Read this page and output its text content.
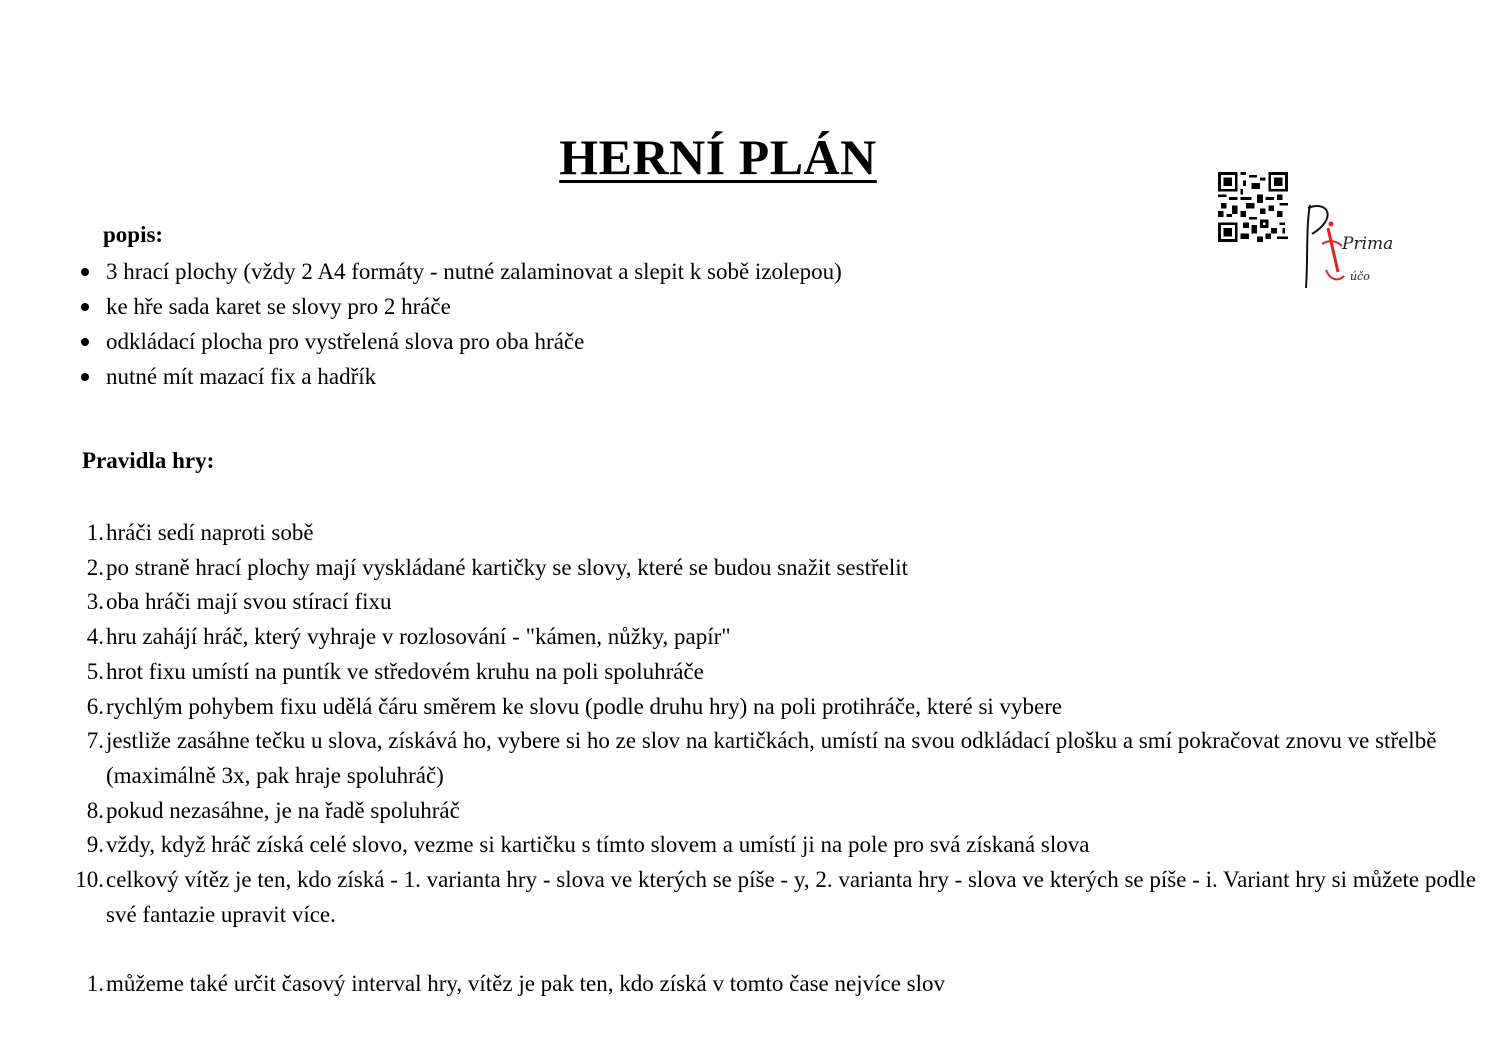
HERNÍ PLÁN
Prima
účo
popis:
3 hrací plochy (vždy 2 A4 formáty - nutné zalaminovat a slepit k sobě izolepou)
ke hře sada karet se slovy pro 2 hráče
odkládací plocha pro vystřelená slova pro oba hráče
nutné mít mazací fix a hadřík
Pravidla hry:
1. hráči sedí naproti sobě
2. po straně hrací plochy mají vyskládané kartičky se slovy, které se budou snažit sestřelit
3. oba hráči mají svou stírací fixu
4. hru zahájí hráč, který vyhraje v rozlosování - "kámen, nůžky, papír"
5. hrot fixu umístí na puntík ve středovém kruhu na poli spoluhráče
6. rychlým pohybem fixu udělá čáru směrem ke slovu (podle druhu hry) na poli protihráče, které si vybere
7. jestliže zasáhne tečku u slova, získává ho, vybere si ho ze slov na kartičkách, umístí na svou odkládací plošku a smí pokračovat znovu ve střelbě (maximálně 3x, pak hraje spoluhráč)
8. pokud nezasáhne, je na řadě spoluhráč
9. vždy, když hráč získá celé slovo, vezme si kartičku s tímto slovem a umístí ji na pole pro svá získaná slova
10. celkový vítěz je ten, kdo získá - 1. varianta hry - slova ve kterých se píše - y, 2. varianta hry - slova ve kterých se píše - i. Variant hry si můžete podle své fantazie upravit více.
1. můžeme také určit časový interval hry, vítěz je pak ten, kdo získá v tomto čase nejvíce slov
